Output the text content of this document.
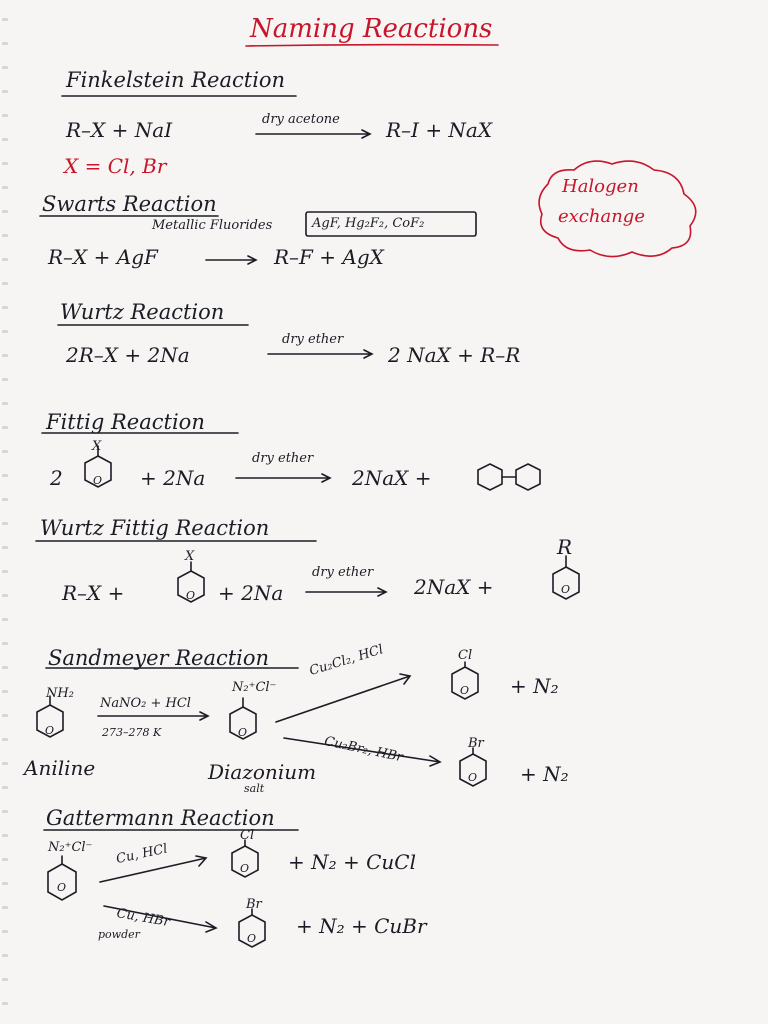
Naming Reactions
Finkelstein Reaction
R–X + NaI	dry acetone R–I + NaX
X = Cl, Br
Halogen
exchange
Swarts Reaction
Metallic Fluorides	AgF, Hg₂F₂, CoF₂
R–X + AgF	R–F + AgX
Wurtz Reaction
2R–X + 2Na
dry ether
2 NaX + R–R
Fittig Reaction
2
X
O + 2Na
dry ether
2NaX +
Wurtz Fittig Reaction
R–X +
X
O + 2Na
dry ether
2NaX +
R
O
Sandmeyer Reaction
NH₂
O
NaNO₂ + HCl
273–278 K
Aniline
N₂⁺Cl⁻
O
Diazonium
salt
Cu₂Cl₂, HCl	Cl
O + N₂
Cu₂Br₂, HBr	Br
O + N₂
Gattermann Reaction
N₂⁺Cl⁻
O
Cu, HCl
Cl
O + N₂ + CuCl
Cu, HBr
powder
Br
O
+ N₂ + CuBr
